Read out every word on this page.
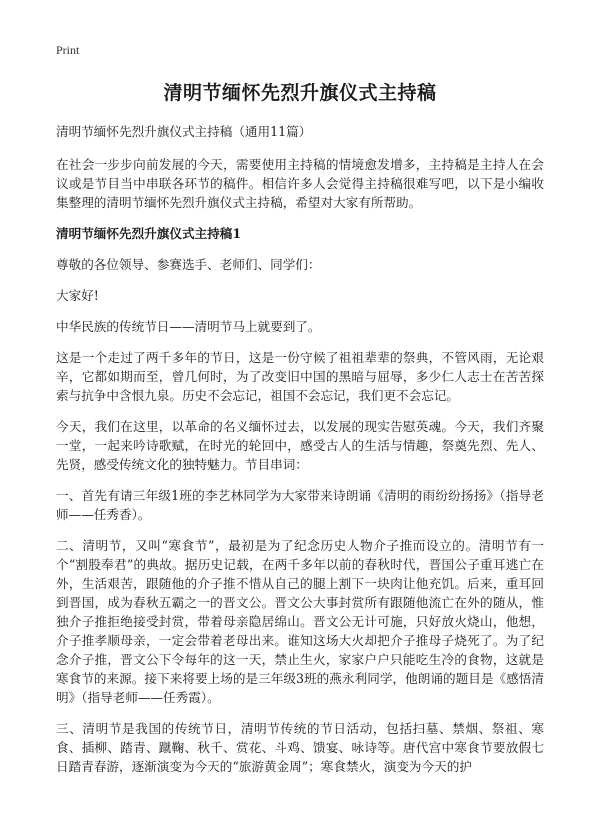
Print
清明节缅怀先烈升旗仪式主持稿

清明节缅怀先烈升旗仪式主持稿（通用11篇）

在社会一步步向前发展的今天，需要使用主持稿的情境愈发增多，主持稿是主持人在会议或是节目当中串联各环节的稿件。相信许多人会觉得主持稿很难写吧，以下是小编收集整理的清明节缅怀先烈升旗仪式主持稿，希望对大家有所帮助。

清明节缅怀先烈升旗仪式主持稿1

尊敬的各位领导、参赛选手、老师们、同学们：

大家好!

中华民族的传统节日——清明节马上就要到了。

这是一个走过了两千多年的节日，这是一份守候了祖祖辈辈的祭典，不管风雨，无论艰辛，它都如期而至，曾几何时，为了改变旧中国的黑暗与屈辱，多少仁人志士在苦苦探索与抗争中含恨九泉。历史不会忘记，祖国不会忘记，我们更不会忘记。

今天，我们在这里，以革命的名义缅怀过去，以发展的现实告慰英魂。今天，我们齐聚一堂，一起来吟诗歌赋，在时光的轮回中，感受古人的生活与情趣，祭奠先烈、先人、先贤，感受传统文化的独特魅力。节目串词：

一、首先有请三年级1班的李艺林同学为大家带来诗朗诵《清明的雨纷纷扬扬》（指导老师——任秀香）。

二、清明节，又叫“寒食节”，最初是为了纪念历史人物介子推而设立的。清明节有一个“割股奉君”的典故。据历史记载，在两千多年以前的春秋时代，晋国公子重耳逃亡在外，生活艰苦，跟随他的介子推不惜从自己的腿上割下一块肉让他充饥。后来，重耳回到晋国，成为春秋五霸之一的晋文公。晋文公大事封赏所有跟随他流亡在外的随从，惟独介子推拒绝接受封赏，带着母亲隐居绵山。晋文公无计可施，只好放火烧山，他想，介子推孝顺母亲，一定会带着老母出来。谁知这场大火却把介子推母子烧死了。为了纪念介子推，晋文公下令每年的这一天，禁止生火，家家户户只能吃生冷的食物，这就是寒食节的来源。接下来将要上场的是三年级3班的燕永利同学，他朗诵的题目是《感悟清明》（指导老师——任秀霞）。

三、清明节是我国的传统节日，清明节传统的节日活动，包括扫墓、禁烟、祭祖、寒食、插柳、踏青、蹴鞠、秋千、赏花、斗鸡、馈宴、咏诗等。唐代宫中寒食节要放假七日踏青春游，逐渐演变为今天的“旅游黄金周”；寒食禁火，演变为今天的护
